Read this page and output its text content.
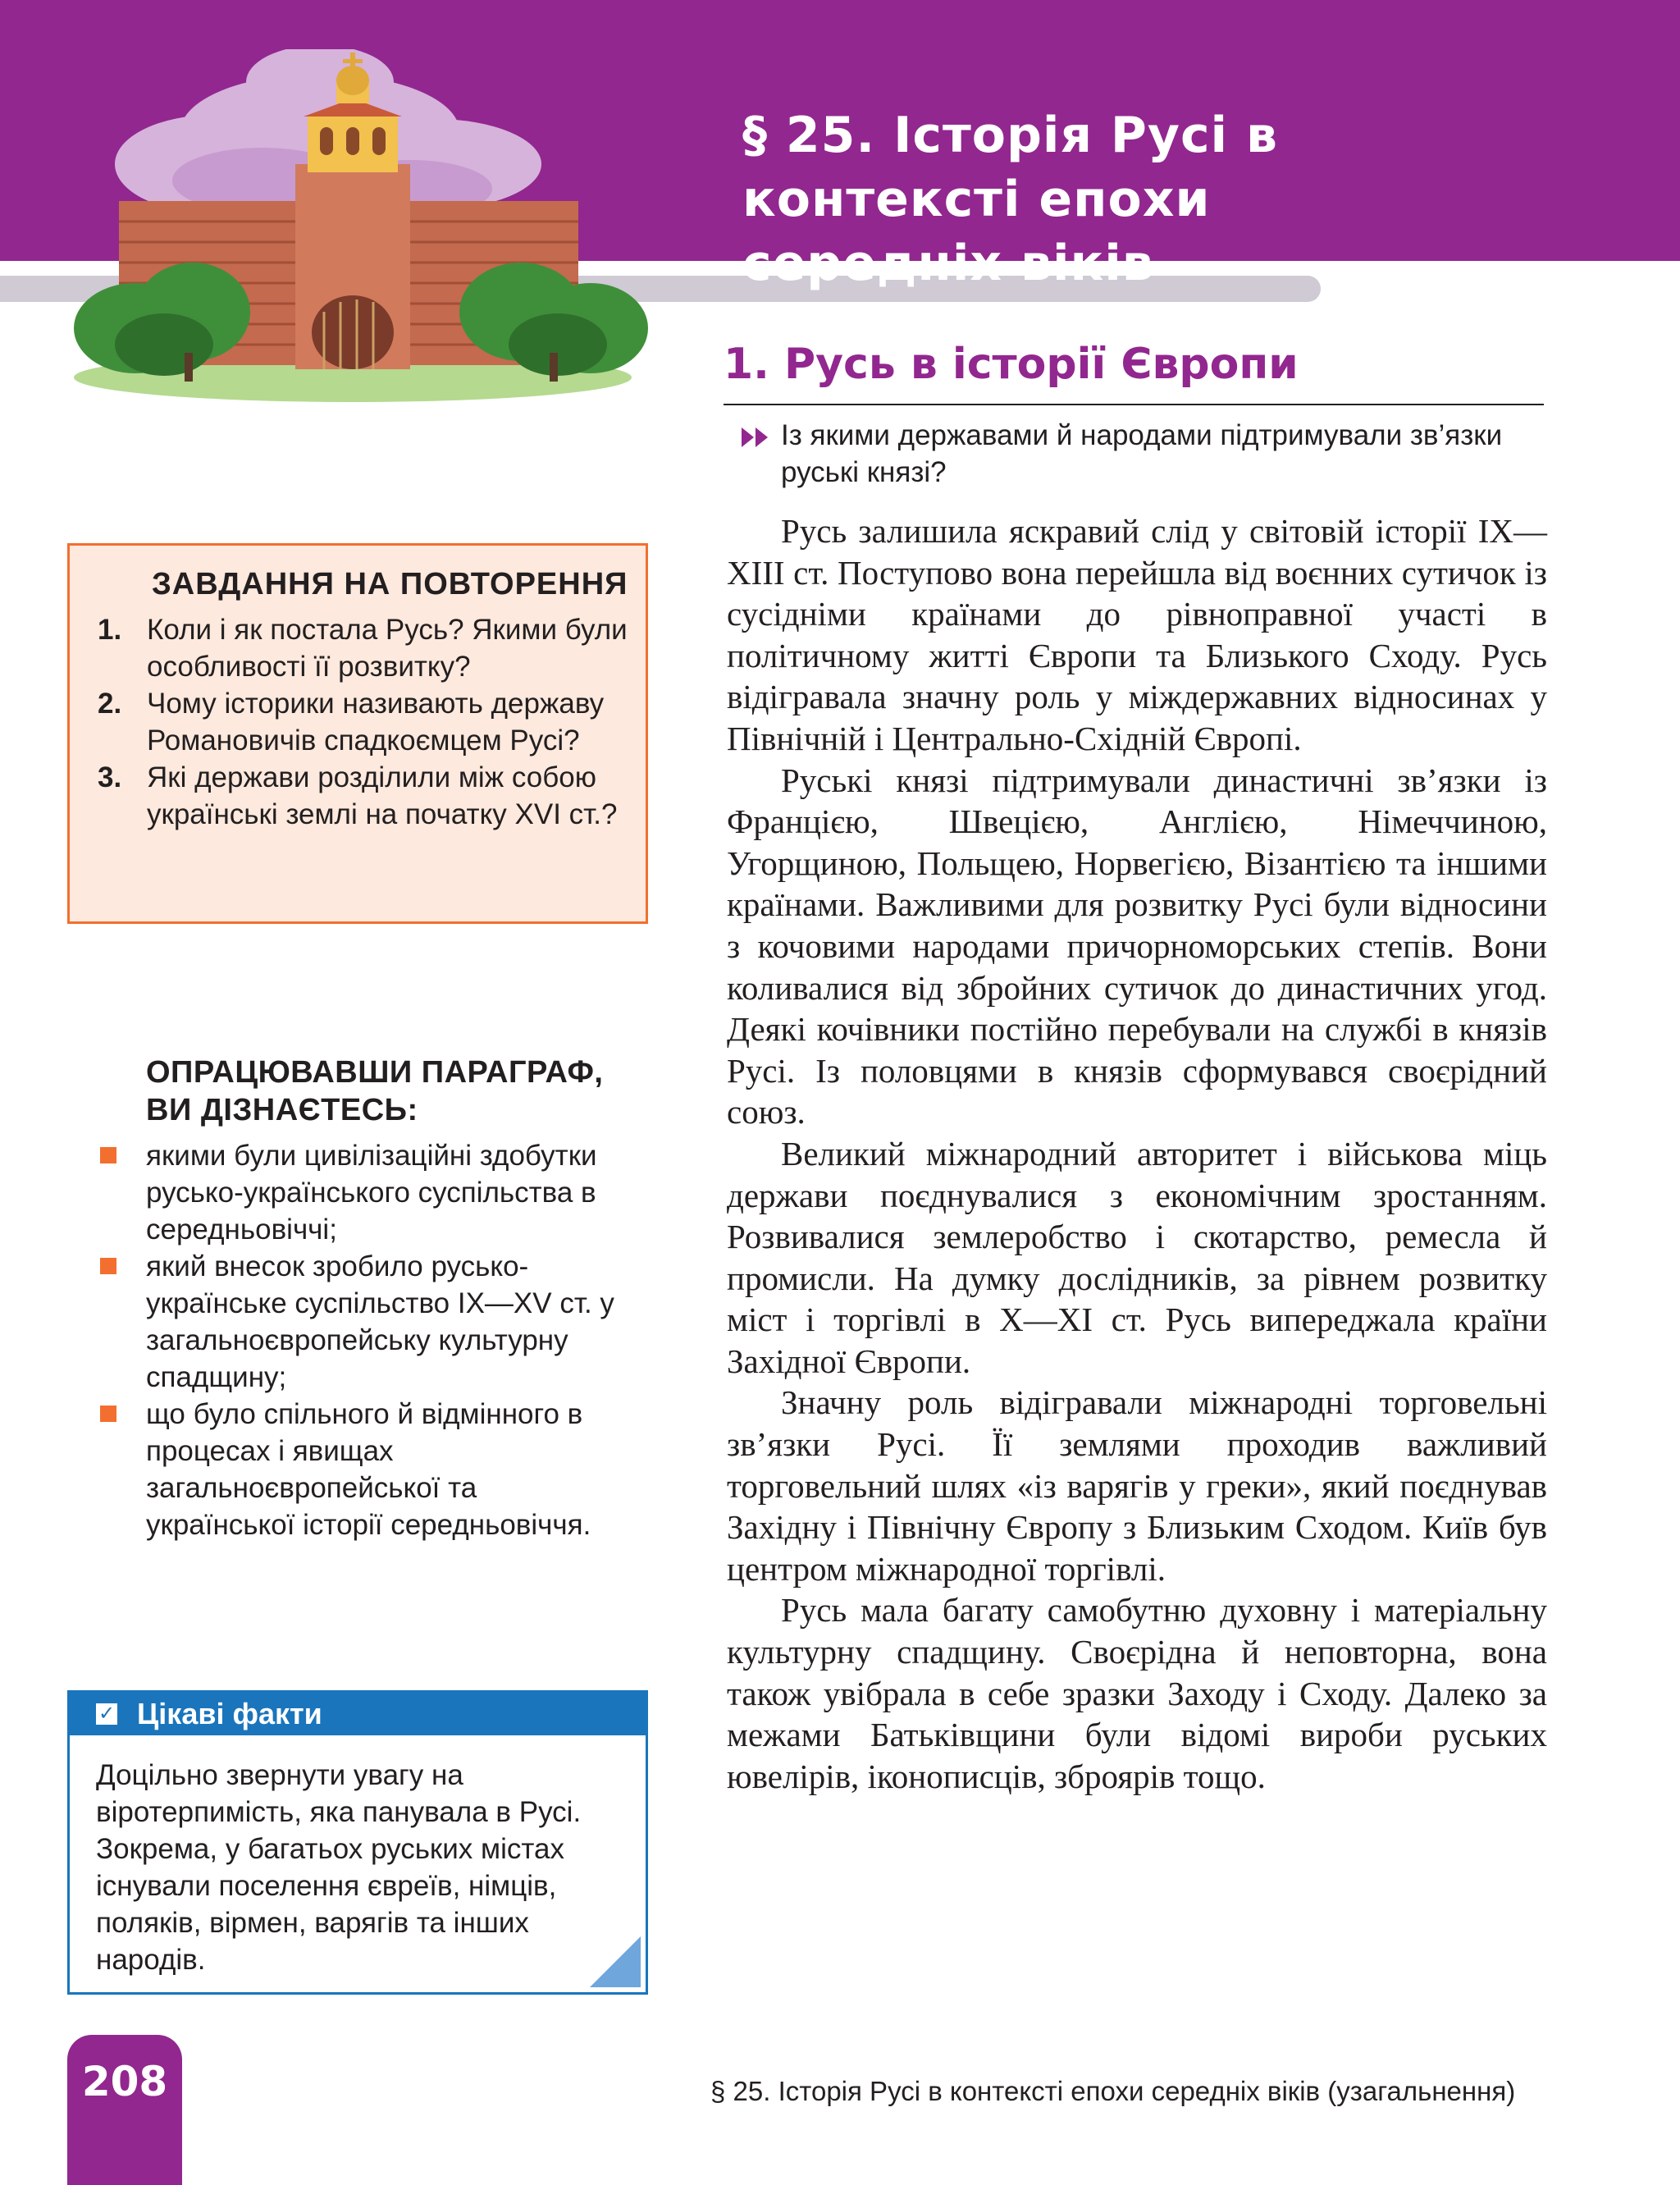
§ 25. Історія Русі в контексті епохи
середніх віків (узагальнення)
ЗАВДАННЯ НА ПОВТОРЕННЯ
1. Коли і як постала Русь? Якими були особливості її розвитку?
2. Чому історики називають державу Романовичів спадкоємцем Русі?
3. Які держави розділили між собою українські землі на початку XVI ст.?
ОПРАЦЮВАВШИ ПАРАГРАФ, ВИ ДІЗНАЄТЕСЬ:
якими були цивілізаційні здобутки русько-українського суспільства в середньовіччі;
який внесок зробило русько-українське суспільство IX—XV ст. у загальноєвропейську культурну спадщину;
що було спільного й відмінного в процесах і явищах загальноєвропейської та української історії середньовіччя.
✓ Цікаві факти

Доцільно звернути увагу на віротерпимість, яка панувала в Русі. Зокрема, у багатьох руських містах існували поселення євреїв, німців, поляків, вірмен, варягів та інших народів.

1. Русь в історії Європи

Із якими державами й народами підтримували зв’язки руські князі?

Русь залишила яскравий слід у світовій історії IX—XIII ст. Поступово вона перейшла від воєнних сутичок із сусідніми країнами до рівноправної участі в політичному житті Європи та Близького Сходу. Русь відігравала значну роль у міждержавних відносинах у Північній і Центрально-Східній Європі.

Руські князі підтримували династичні зв’язки із Францією, Швецією, Англією, Німеччиною, Угорщиною, Польщею, Норвегією, Візантією та іншими країнами. Важливими для розвитку Русі були відносини з кочовими народами причорноморських степів. Вони коливалися від збройних сутичок до династичних угод. Деякі кочівники постійно перебували на службі в князів Русі. Із половцями в князів сформувався своєрідний союз.

Великий міжнародний авторитет і військова міць держави поєднувалися з економічним зростанням. Розвивалися землеробство і скотарство, ремесла й промисли. На думку дослідників, за рівнем розвитку міст і торгівлі в X—XI ст. Русь випереджала країни Західної Європи.

Значну роль відігравали міжнародні торговельні зв’язки Русі. Її землями проходив важливий торговельний шлях «із варягів у греки», який поєднував Західну і Північну Європу з Близьким Сходом. Київ був центром міжнародної торгівлі.

Русь мала багату самобутню духовну і матеріальну культурну спадщину. Своєрідна й неповторна, вона також увібрала в себе зразки Заходу і Сходу. Далеко за межами Батьківщини були відомі вироби руських ювелірів, іконописців, зброярів тощо.

208	§ 25. Історія Русі в контексті епохи середніх віків (узагальнення)
